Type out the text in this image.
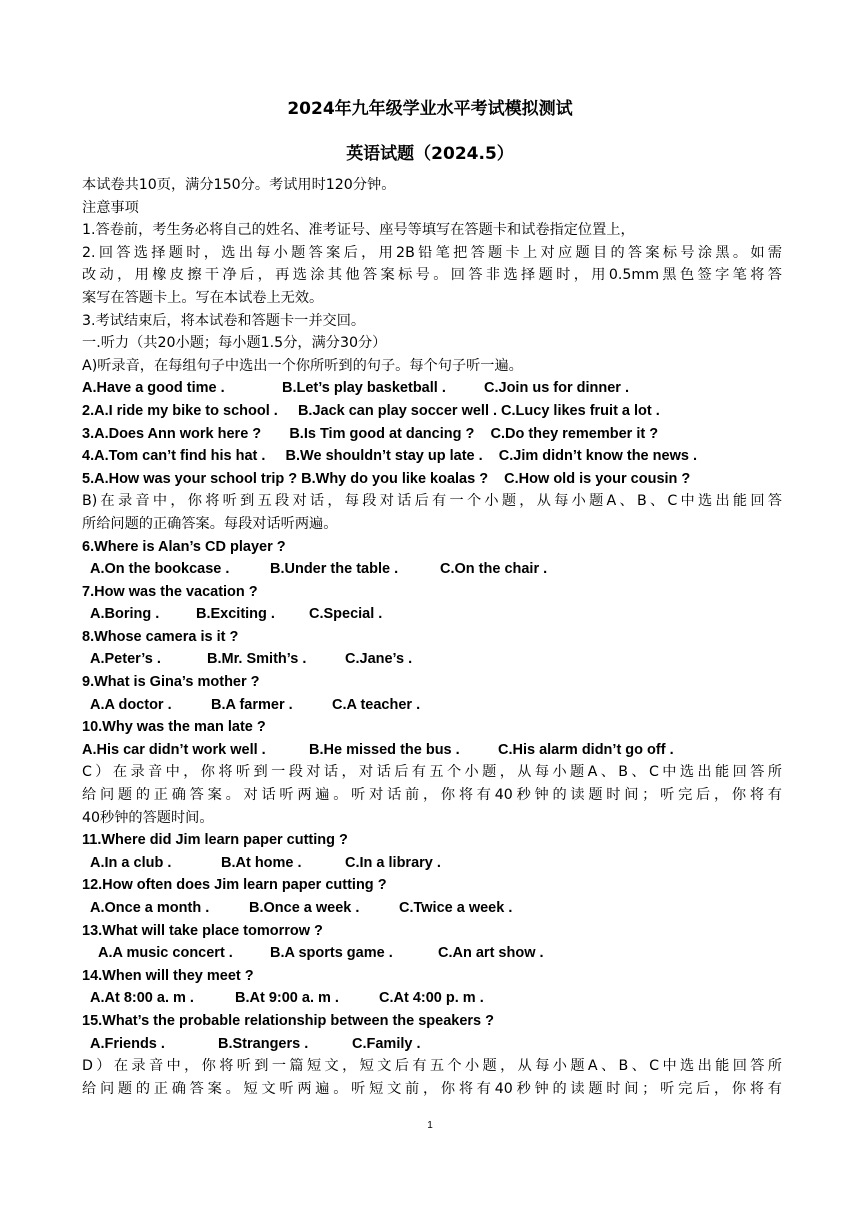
2024年九年级学业水平考试模拟测试
英语试题（2024.5）
本试卷共10页，满分150分。考试用时120分钟。
注意事项
1.答卷前，考生务必将自己的姓名、准考证号、座号等填写在答题卡和试卷指定位置上，
2.回答选择题时，选出每小题答案后，用2B铅笔把答题卡上对应题目的答案标号涂黑。如需
改动，用橡皮擦干净后，再选涂其他答案标号。回答非选择题时，用0.5mm黑色签字笔将答
案写在答题卡上。写在本试卷上无效。
3.考试结束后，将本试卷和答题卡一并交回。
一.听力（共20小题；每小题1.5分，满分30分）
A)听录音，在每组句子中选出一个你所听到的句子。每个句子听一遍。
A.Have a good time .	B.Let’s play basketball .	C.Join us for dinner .
2.A.I ride my bike to school .     B.Jack can play soccer well . C.Lucy likes fruit a lot .
3.A.Does Ann work here ?       B.Is Tim good at dancing ?    C.Do they remember it ?
4.A.Tom can’t find his hat .     B.We shouldn’t stay up late .    C.Jim didn’t know the news .
5.A.How was your school trip ? B.Why do you like koalas ?    C.How old is your cousin ?
B)在录音中，你将听到五段对话，每段对话后有一个小题，从每小题A、B、C中选出能回答
所给问题的正确答案。每段对话听两遍。
6.Where is Alan’s CD player ?
A.On the bookcase .	B.Under the table .	C.On the chair .
7.How was the vacation ?
A.Boring .	B.Exciting . C.Special .
8.Whose camera is it ?
A.Peter’s .	B.Mr. Smith’s .	C.Jane’s .
9.What is Gina’s mother ?
A.A doctor .	B.A farmer .	C.A teacher .
10.Why was the man late ?
A.His car didn’t work well .	B.He missed the bus .	C.His alarm didn’t go off .
C）在录音中，你将听到一段对话，对话后有五个小题，从每小题A、B、C中选出能回答所
给问题的正确答案。对话听两遍。听对话前，你将有40秒钟的读题时间；听完后，你将有
40秒钟的答题时间。
11.Where did Jim learn paper cutting ?
A.In a club .	B.At home .	C.In a library .
12.How often does Jim learn paper cutting ?
A.Once a month .	B.Once a week .	C.Twice a week .
13.What will take place tomorrow ?
A.A music concert .	B.A sports game .	C.An art show .
14.When will they meet ?
A.At 8:00 a. m .	B.At 9:00 a. m .	C.At 4:00 p. m .
15.What’s the probable relationship between the speakers ?
A.Friends .	B.Strangers .	C.Family .
D）在录音中，你将听到一篇短文，短文后有五个小题，从每小题A、B、C中选出能回答所
给问题的正确答案。短文听两遍。听短文前，你将有40秒钟的读题时间；听完后，你将有
1
